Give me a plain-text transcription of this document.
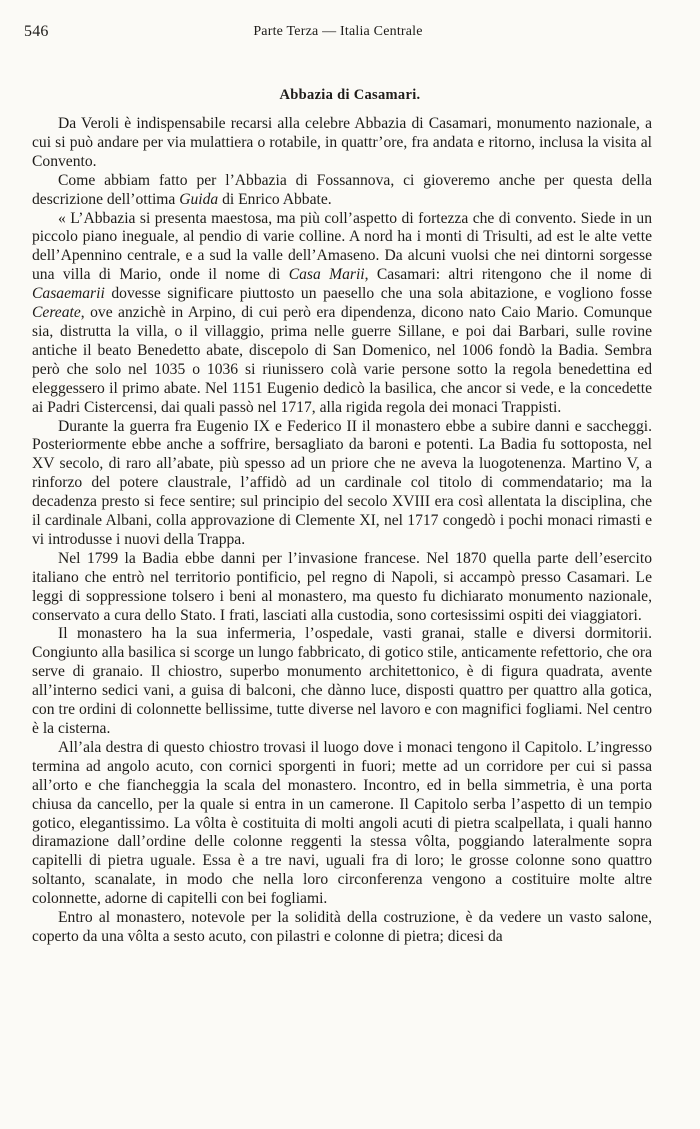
546	Parte Terza — Italia Centrale
Abbazia di Casamari.

Da Veroli è indispensabile recarsi alla celebre Abbazia di Casamari, monumento nazionale, a cui si può andare per via mulattiera o rotabile, in quattr’ore, fra andata e ritorno, inclusa la visita al Convento.

Come abbiam fatto per l’Abbazia di Fossannova, ci gioveremo anche per questa della descrizione dell’ottima Guida di Enrico Abbate.

« L’Abbazia si presenta maestosa, ma più coll’aspetto di fortezza che di convento. Siede in un piccolo piano ineguale, al pendio di varie colline. A nord ha i monti di Trisulti, ad est le alte vette dell’Apennino centrale, e a sud la valle dell’Amaseno. Da alcuni vuolsi che nei dintorni sorgesse una villa di Mario, onde il nome di Casa Marii, Casamari: altri ritengono che il nome di Casaemarii dovesse significare piuttosto un paesello che una sola abitazione, e vogliono fosse Cereate, ove anzichè in Arpino, di cui però era dipendenza, dicono nato Caio Mario. Comunque sia, distrutta la villa, o il villaggio, prima nelle guerre Sillane, e poi dai Barbari, sulle rovine antiche il beato Benedetto abate, discepolo di San Domenico, nel 1006 fondò la Badia. Sembra però che solo nel 1035 o 1036 si riunissero colà varie persone sotto la regola benedettina ed eleggessero il primo abate. Nel 1151 Eugenio dedicò la basilica, che ancor si vede, e la concedette ai Padri Cistercensi, dai quali passò nel 1717, alla rigida regola dei monaci Trappisti.

Durante la guerra fra Eugenio IX e Federico II il monastero ebbe a subire danni e saccheggi. Posteriormente ebbe anche a soffrire, bersagliato da baroni e potenti. La Badia fu sottoposta, nel XV secolo, di raro all’abate, più spesso ad un priore che ne aveva la luogotenenza. Martino V, a rinforzo del potere claustrale, l’affidò ad un cardinale col titolo di commendatario; ma la decadenza presto si fece sentire; sul principio del secolo XVIII era così allentata la disciplina, che il cardinale Albani, colla approvazione di Clemente XI, nel 1717 congedò i pochi monaci rimasti e vi introdusse i nuovi della Trappa.

Nel 1799 la Badia ebbe danni per l’invasione francese. Nel 1870 quella parte dell’esercito italiano che entrò nel territorio pontificio, pel regno di Napoli, si accampò presso Casamari. Le leggi di soppressione tolsero i beni al monastero, ma questo fu dichiarato monumento nazionale, conservato a cura dello Stato. I frati, lasciati alla custodia, sono cortesissimi ospiti dei viaggiatori.

Il monastero ha la sua infermeria, l’ospedale, vasti granai, stalle e diversi dormitorii. Congiunto alla basilica si scorge un lungo fabbricato, di gotico stile, anticamente refettorio, che ora serve di granaio. Il chiostro, superbo monumento architettonico, è di figura quadrata, avente all’interno sedici vani, a guisa di balconi, che dànno luce, disposti quattro per quattro alla gotica, con tre ordini di colonnette bellissime, tutte diverse nel lavoro e con magnifici fogliami. Nel centro è la cisterna.

All’ala destra di questo chiostro trovasi il luogo dove i monaci tengono il Capitolo. L’ingresso termina ad angolo acuto, con cornici sporgenti in fuori; mette ad un corridore per cui si passa all’orto e che fiancheggia la scala del monastero. Incontro, ed in bella simmetria, è una porta chiusa da cancello, per la quale si entra in un camerone. Il Capitolo serba l’aspetto di un tempio gotico, elegantissimo. La vôlta è costituita di molti angoli acuti di pietra scalpellata, i quali hanno diramazione dall’ordine delle colonne reggenti la stessa vôlta, poggiando lateralmente sopra capitelli di pietra uguale. Essa è a tre navi, uguali fra di loro; le grosse colonne sono quattro soltanto, scanalate, in modo che nella loro circonferenza vengono a costituire molte altre colonnette, adorne di capitelli con bei fogliami.

Entro al monastero, notevole per la solidità della costruzione, è da vedere un vasto salone, coperto da una vôlta a sesto acuto, con pilastri e colonne di pietra; dicesi da
